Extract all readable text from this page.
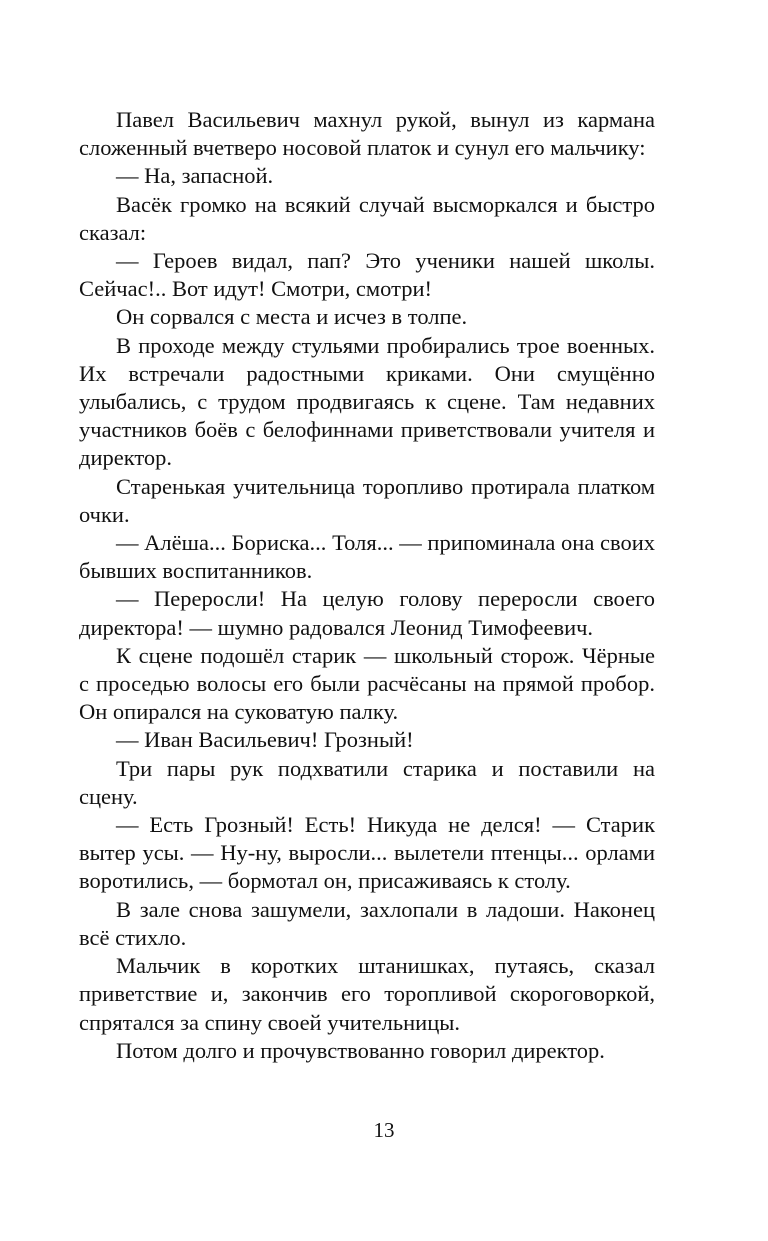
Павел Васильевич махнул рукой, вынул из кармана сложенный вчетверо носовой платок и сунул его мальчику:

— На, запасной.

Васёк громко на всякий случай высморкался и быстро сказал:

— Героев видал, пап? Это ученики нашей школы. Сейчас!.. Вот идут! Смотри, смотри!

Он сорвался с места и исчез в толпе.

В проходе между стульями пробирались трое военных. Их встречали радостными криками. Они смущённо улыбались, с трудом продвигаясь к сцене. Там недавних участников боёв с белофиннами приветствовали учителя и директор.

Старенькая учительница торопливо протирала платком очки.

— Алёша... Бориска... Толя... — припоминала она своих бывших воспитанников.

— Переросли! На целую голову переросли своего директора! — шумно радовался Леонид Тимофеевич.

К сцене подошёл старик — школьный сторож. Чёрные с проседью волосы его были расчёсаны на прямой пробор. Он опирался на суковатую палку.

— Иван Васильевич! Грозный!

Три пары рук подхватили старика и поставили на сцену.

— Есть Грозный! Есть! Никуда не делся! — Старик вытер усы. — Ну-ну, выросли... вылетели птенцы... орлами воротились, — бормотал он, присаживаясь к столу.

В зале снова зашумели, захлопали в ладоши. Наконец всё стихло.

Мальчик в коротких штанишках, путаясь, сказал приветствие и, закончив его торопливой скороговоркой, спрятался за спину своей учительницы.

Потом долго и прочувствованно говорил директор.

13
